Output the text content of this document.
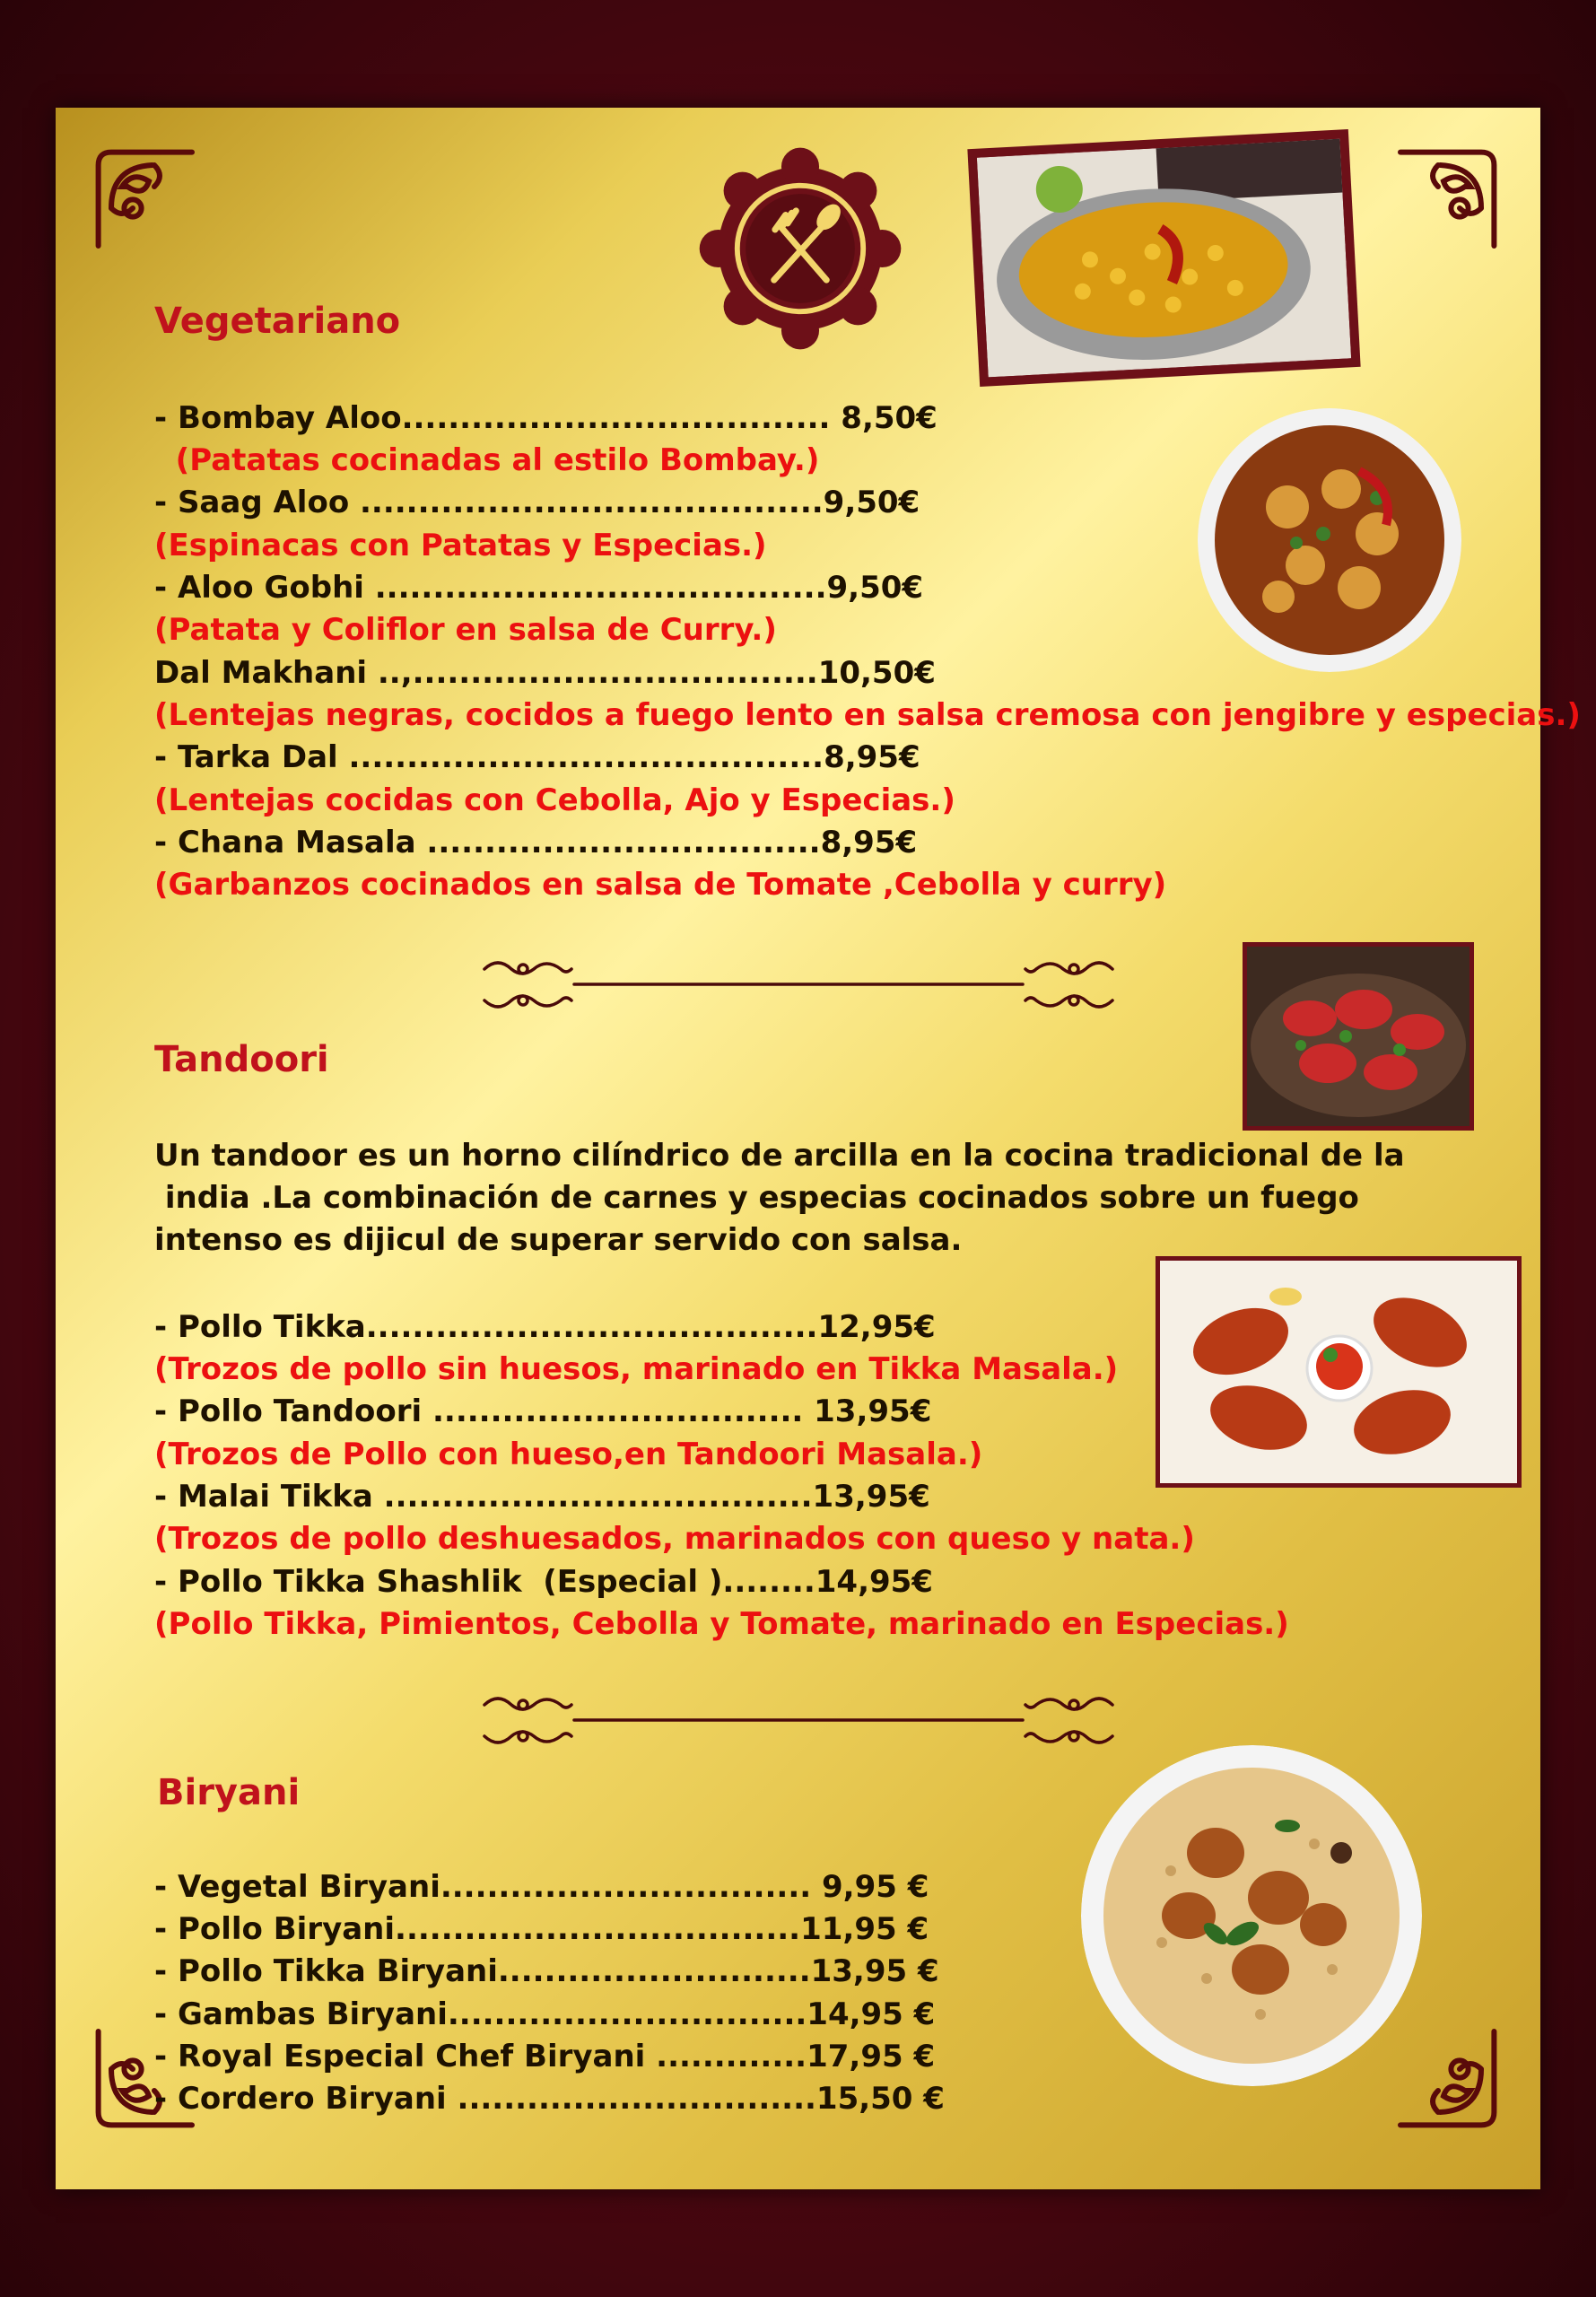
Vegetariano
Tandoori
Biryani
- Bombay Aloo..................................... 8,50€
(Patatas cocinadas al estilo Bombay.)
- Saag Aloo ........................................9,50€
(Espinacas con Patatas y Especias.)
- Aloo Gobhi .......................................9,50€
(Patata y Coliflor en salsa de Curry.)
Dal Makhani ..,...................................10,50€
(Lentejas negras, cocidos a fuego lento en salsa cremosa con jengibre y especias.)
- Tarka Dal .........................................8,95€
(Lentejas cocidas con Cebolla, Ajo y Especias.)
- Chana Masala ..................................8,95€
(Garbanzos cocinados en salsa de Tomate ,Cebolla y curry)
Un tandoor es un horno cilíndrico de arcilla en la cocina tradicional de la
india .La combinación de carnes y especias cocinados sobre un fuego
intenso es dijicul de superar servido con salsa.
- Pollo Tikka.......................................12,95€
(Trozos de pollo sin huesos, marinado en Tikka Masala.)
- Pollo Tandoori ................................ 13,95€
(Trozos de Pollo con hueso,en Tandoori Masala.)
- Malai Tikka .....................................13,95€
(Trozos de pollo deshuesados, marinados con queso y nata.)
- Pollo Tikka Shashlik  (Especial )........14,95€
(Pollo Tikka, Pimientos, Cebolla y Tomate, marinado en Especias.)
- Vegetal Biryani................................ 9,95 €
- Pollo Biryani...................................11,95 €
- Pollo Tikka Biryani...........................13,95 €
- Gambas Biryani...............................14,95 €
- Royal Especial Chef Biryani .............17,95 €
- Cordero Biryani ...............................15,50 €
